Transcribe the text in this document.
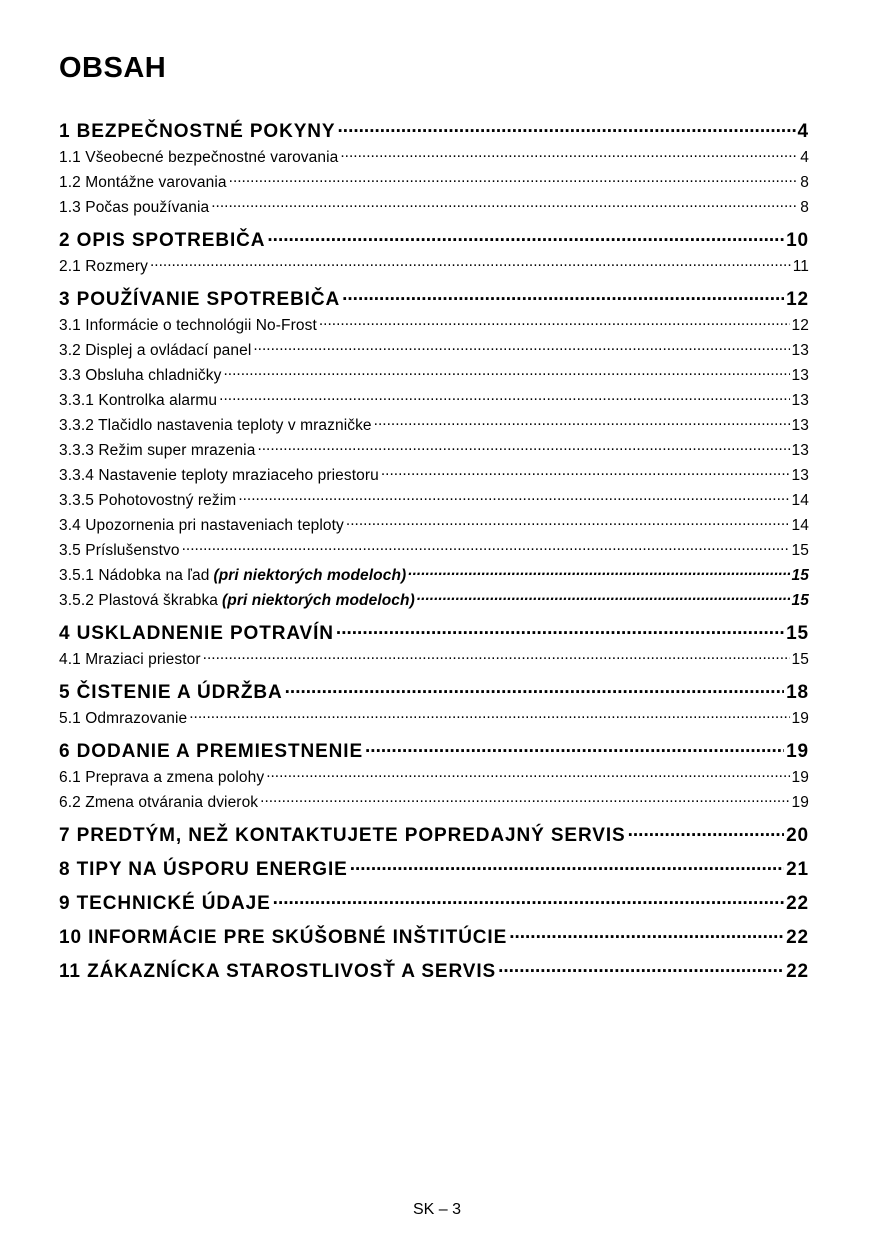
OBSAH
1 BEZPEČNOSTNÉ POKYNY .....	4
1.1 Všeobecné bezpečnostné varovania .....	4
1.2 Montážne varovania .....	8
1.3 Počas používania .....	8
2 OPIS SPOTREBIČA .....	10
2.1 Rozmery .....	11
3 POUŽÍVANIE SPOTREBIČA .....	12
3.1 Informácie o technológii No-Frost .....	12
3.2 Displej a ovládací panel .....	13
3.3 Obsluha chladničky .....	13
3.3.1 Kontrolka alarmu .....	13
3.3.2 Tlačidlo nastavenia teploty v mrazničke .....	13
3.3.3 Režim super mrazenia .....	13
3.3.4 Nastavenie teploty mraziaceho priestoru .....	13
3.3.5 Pohotovostný režim .....	14
3.4 Upozornenia pri nastaveniach teploty .....	14
3.5 Príslušenstvo .....	15
3.5.1 Nádobka na ľad (pri niektorých modeloch) .....	15
3.5.2 Plastová škrabka (pri niektorých modeloch) .....	15
4 USKLADNENIE POTRAVÍN .....	15
4.1 Mraziaci priestor .....	15
5 ČISTENIE A ÚDRŽBA .....	18
5.1 Odmrazovanie .....	19
6 DODANIE A PREMIESTNENIE .....	19
6.1 Preprava a zmena polohy .....	19
6.2 Zmena otvárania dvierok .....	19
7 PREDTÝM, NEŽ KONTAKTUJETE POPREDAJNÝ SERVIS .....	20
8 TIPY NA ÚSPORU ENERGIE .....	21
9 TECHNICKÉ ÚDAJE .....	22
10 INFORMÁCIE PRE SKÚŠOBNÉ INŠTITÚCIE .....	22
11 ZÁKAZNÍCKA STAROSTLIVOSŤ A SERVIS .....	22
SK – 3
